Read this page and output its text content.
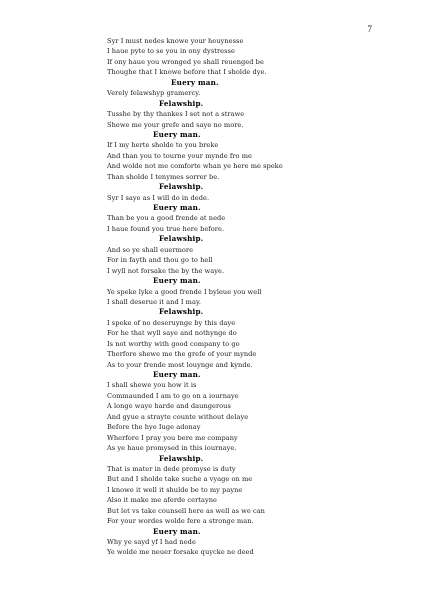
7
Syr I must nedes knowe your heuynesse
I haue pyte to se you in ony dystresse
If ony haue you wronged ye shall reuenged be
Thoughe that I knowe before that I sholde dye.
Euery man.
Verely felawshyp gramercy.
Felawship.
Tusshe by thy thankes I set not a strawe
Shewe me your grefe and saye no more.
Euery man.
If I my herte sholde to you breke
And than you to tourne your mynde fro me
And wolde not me comforte whan ye here me speke
Than sholde I tenymes sorrer be.
Felawship.
Syr I saye as I will do in dede.
Euery man.
Than be you a good frende at nede
I haue found you true here before.
Felawship.
And so ye shall euermore
For in fayth and thou go to hell
I wyll not forsake the by the waye.
Euery man.
Ye speke lyke a good frende I byleue you well
I shall deserue it and I may.
Felawship.
I speke of no deseruynge by this daye
For he that wyll saye and nothynge do
Is not worthy with good company to go
Therfore shewe me the grefe of your mynde
As to your frende most louynge and kynde.
Euery man.
I shall shewe you how it is
Commaunded I am to go on a iournaye
A longe waye harde and daungerous
And gyue a strayte counte without delaye
Before the hye Iuge adonay
Wherfore I pray you bere me company
As ye haue promysed in this iournaye.
Felawship.
That is mater in dede promyse is duty
But and I sholde take suche a vyage on me
I knowe it well it shulde be to my payne
Also it make me aferde certayne
But let vs take counsell here as well as we can
For your wordes wolde fere a stronge man.
Euery man.
Why ye sayd yf I had nede
Ye wolde me neuer forsake quycke ne deed
